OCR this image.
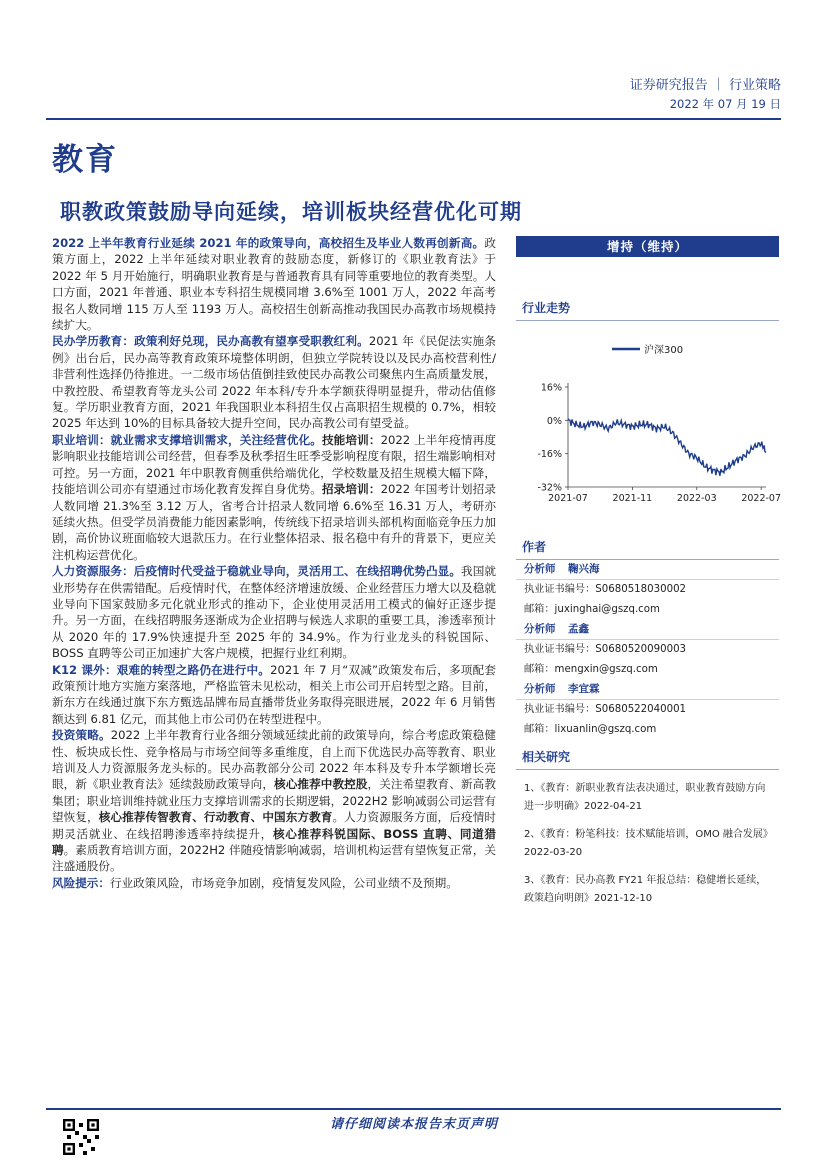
证券研究报告 ｜ 行业策略
2022 年 07 月 19 日
教育
职教政策鼓励导向延续，培训板块经营优化可期

2022 上半年教育行业延续 2021 年的政策导向，高校招生及毕业人数再创新高。政策方面上，2022 上半年延续对职业教育的鼓励态度，新修订的《职业教育法》于 2022 年 5 月开始施行，明确职业教育是与普通教育具有同等重要地位的教育类型。人口方面，2021 年普通、职业本专科招生规模同增 3.6%至 1001 万人，2022 年高考报名人数同增 115 万人至 1193 万人。高校招生创新高推动我国民办高教市场规模持续扩大。

民办学历教育：政策利好兑现，民办高教有望享受职教红利。2021 年《民促法实施条例》出台后，民办高等教育政策环境整体明朗，但独立学院转设以及民办高校营利性/非营利性选择仍待推进。一二级市场估值倒挂致使民办高教公司聚焦内生高质量发展，中教控股、希望教育等龙头公司 2022 年本科/专升本学额获得明显提升，带动估值修复。学历职业教育方面，2021 年我国职业本科招生仅占高职招生规模的 0.7%，相较 2025 年达到 10%的目标具备较大提升空间，民办高教公司有望受益。

职业培训：就业需求支撑培训需求，关注经营优化。技能培训：2022 上半年疫情再度影响职业技能培训公司经营，但春季及秋季招生旺季受影响程度有限，招生端影响相对可控。另一方面，2021 年中职教育侧重供给端优化，学校数量及招生规模大幅下降，技能培训公司亦有望通过市场化教育发挥自身优势。招录培训：2022 年国考计划招录人数同增 21.3%至 3.12 万人，省考合计招录人数同增 6.6%至 16.31 万人，考研亦延续火热。但受学员消费能力能因素影响，传统线下招录培训头部机构面临竞争压力加剧，高价协议班面临较大退款压力。在行业整体招录、报名稳中有升的背景下，更应关注机构运营优化。

人力资源服务：后疫情时代受益于稳就业导向，灵活用工、在线招聘优势凸显。我国就业形势存在供需错配。后疫情时代，在整体经济增速放缓、企业经营压力增大以及稳就业导向下国家鼓励多元化就业形式的推动下，企业使用灵活用工模式的偏好正逐步提升。另一方面，在线招聘服务逐渐成为企业招聘与候选人求职的重要工具，渗透率预计从 2020 年的 17.9%快速提升至 2025 年的 34.9%。作为行业龙头的科锐国际、BOSS 直聘等公司正加速扩大客户规模，把握行业红利期。

K12 课外：艰难的转型之路仍在进行中。2021 年 7 月“双减”政策发布后，多项配套政策预计地方实施方案落地，严格监管未见松动，相关上市公司开启转型之路。目前，新东方在线通过旗下东方甄选品牌布局直播带货业务取得亮眼进展，2022 年 6 月销售额达到 6.81 亿元，而其他上市公司仍在转型进程中。

投资策略。2022 上半年教育行业各细分领域延续此前的政策导向，综合考虑政策稳健性、板块成长性、竞争格局与市场空间等多重维度，自上而下优选民办高等教育、职业培训及人力资源服务龙头标的。民办高教部分公司 2022 年本科及专升本学额增长亮眼，新《职业教育法》延续鼓励政策导向，核心推荐中教控股，关注希望教育、新高教集团；职业培训维持就业压力支撑培训需求的长期逻辑，2022H2 影响减弱公司运营有望恢复，核心推荐传智教育、行动教育、中国东方教育。人力资源服务方面，后疫情时期灵活就业、在线招聘渗透率持续提升，核心推荐科锐国际、BOSS 直聘、同道猎聘。素质教育培训方面，2022H2 伴随疫情影响减弱，培训机构运营有望恢复正常，关注盛通股份。

风险提示：行业政策风险，市场竞争加剧，疫情复发风险，公司业绩不及预期。

增持（维持）
行业走势
16%
0%
-16%
-32%
2021-07	2021-11	2022-03	2022-07
沪深300
作者
分析师 鞠兴海
执业证书编号：S0680518030002
邮箱：juxinghai@gszq.com
分析师 孟鑫
执业证书编号：S0680520090003
邮箱：mengxin@gszq.com
分析师 李宜霖
执业证书编号：S0680522040001
邮箱：lixuanlin@gszq.com
相关研究
1、《教育：新职业教育法表决通过，职业教育鼓励方向
进一步明确》2022-04-21
2、《教育：粉笔科技：技术赋能培训，OMO 融合发展》
2022-03-20
3、《教育：民办高教 FY21 年报总结：稳健增长延续，
政策趋向明朗》2021-12-10
请仔细阅读本报告末页声明
